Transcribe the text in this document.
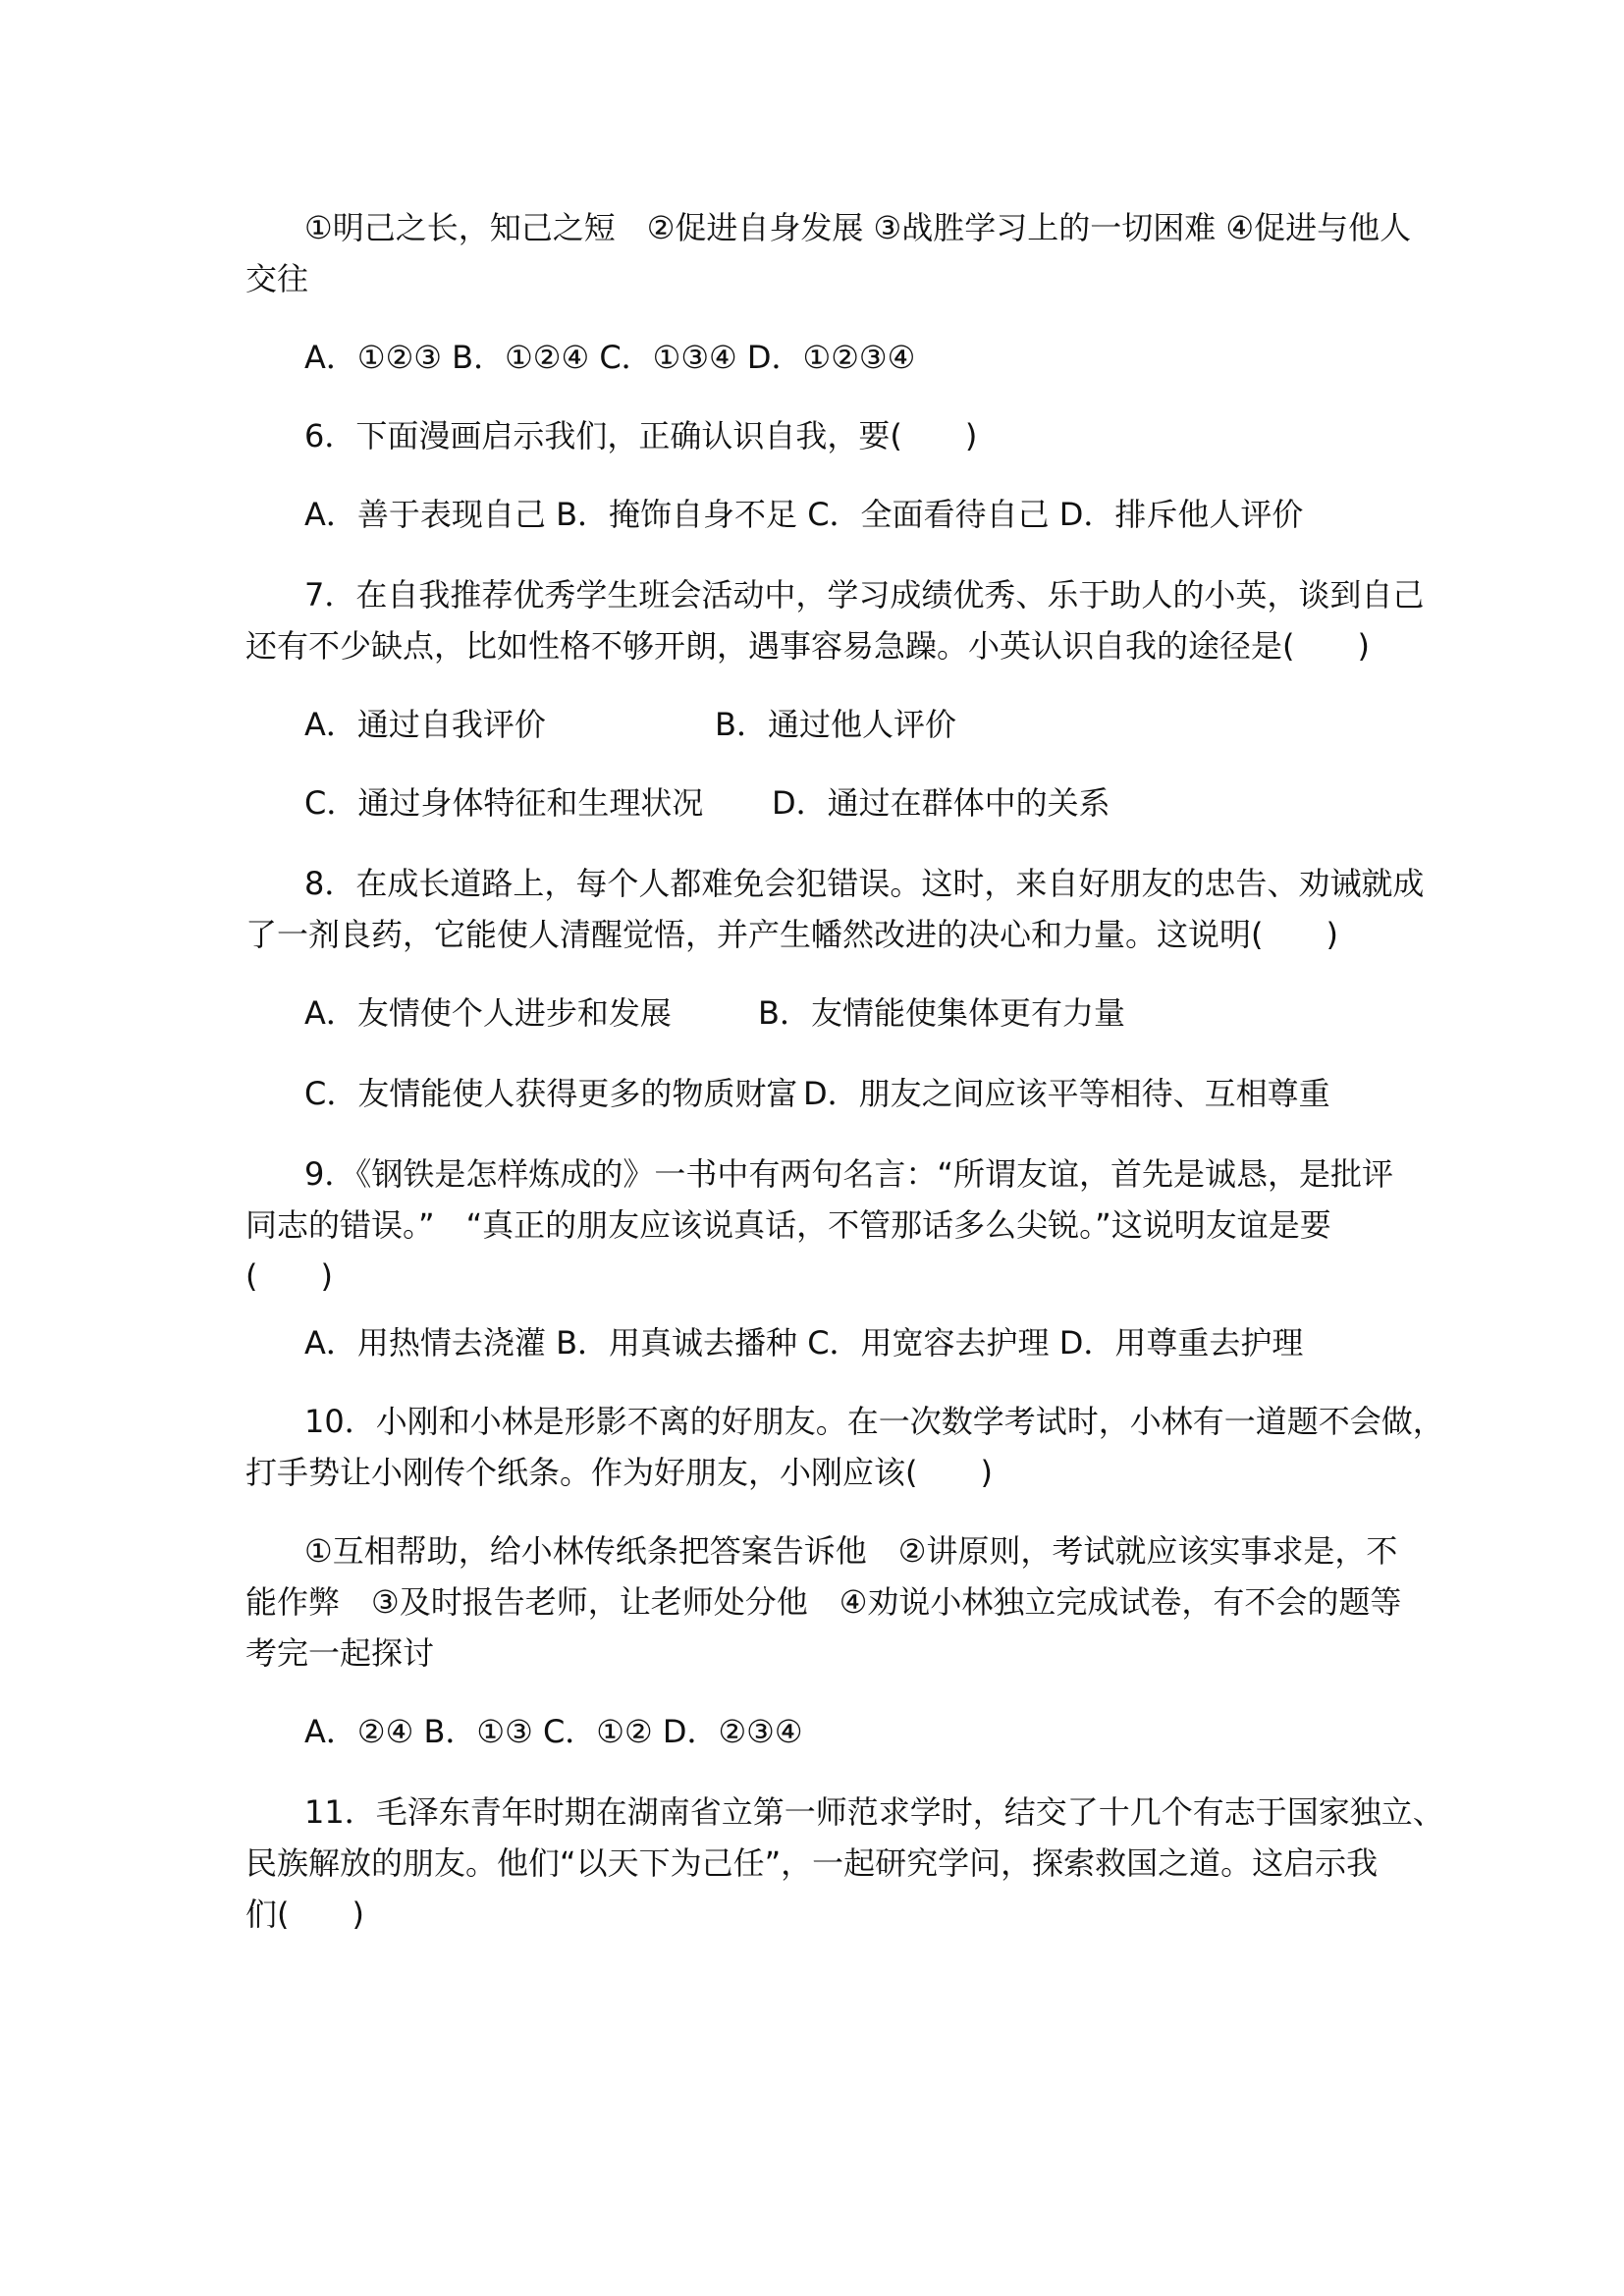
①明己之长，知己之短　②促进自身发展 ③战胜学习上的一切困难 ④促进与他人
交往
A．①②③ B．①②④ C．①③④ D．①②③④
6．下面漫画启示我们，正确认识自我，要(　　)
A．善于表现自己 B．掩饰自身不足 C．全面看待自己 D．排斥他人评价
7．在自我推荐优秀学生班会活动中，学习成绩优秀、乐于助人的小英，谈到自己
还有不少缺点，比如性格不够开朗，遇事容易急躁。小英认识自我的途径是(　　)
A．通过自我评价	B．通过他人评价
C．通过身体特征和生理状况 D．通过在群体中的关系
8．在成长道路上，每个人都难免会犯错误。这时，来自好朋友的忠告、劝诫就成
了一剂良药，它能使人清醒觉悟，并产生幡然改进的决心和力量。这说明(　　)
A．友情使个人进步和发展	B．友情能使集体更有力量
C．友情能使人获得更多的物质财富 D．朋友之间应该平等相待、互相尊重
9．《钢铁是怎样炼成的》一书中有两句名言：“所谓友谊，首先是诚恳，是批评
同志的错误。”　“真正的朋友应该说真话，不管那话多么尖锐。”这说明友谊是要
(　　)
A．用热情去浇灌 B．用真诚去播种 C．用宽容去护理 D．用尊重去护理
10．小刚和小林是形影不离的好朋友。在一次数学考试时，小林有一道题不会做，
打手势让小刚传个纸条。作为好朋友，小刚应该(　　)
①互相帮助，给小林传纸条把答案告诉他　②讲原则，考试就应该实事求是，不
能作弊　③及时报告老师，让老师处分他　④劝说小林独立完成试卷，有不会的题等
考完一起探讨
A．②④ B．①③ C．①② D．②③④
11．毛泽东青年时期在湖南省立第一师范求学时，结交了十几个有志于国家独立、
民族解放的朋友。他们“以天下为己任”，一起研究学问，探索救国之道。这启示我
们(　　)
